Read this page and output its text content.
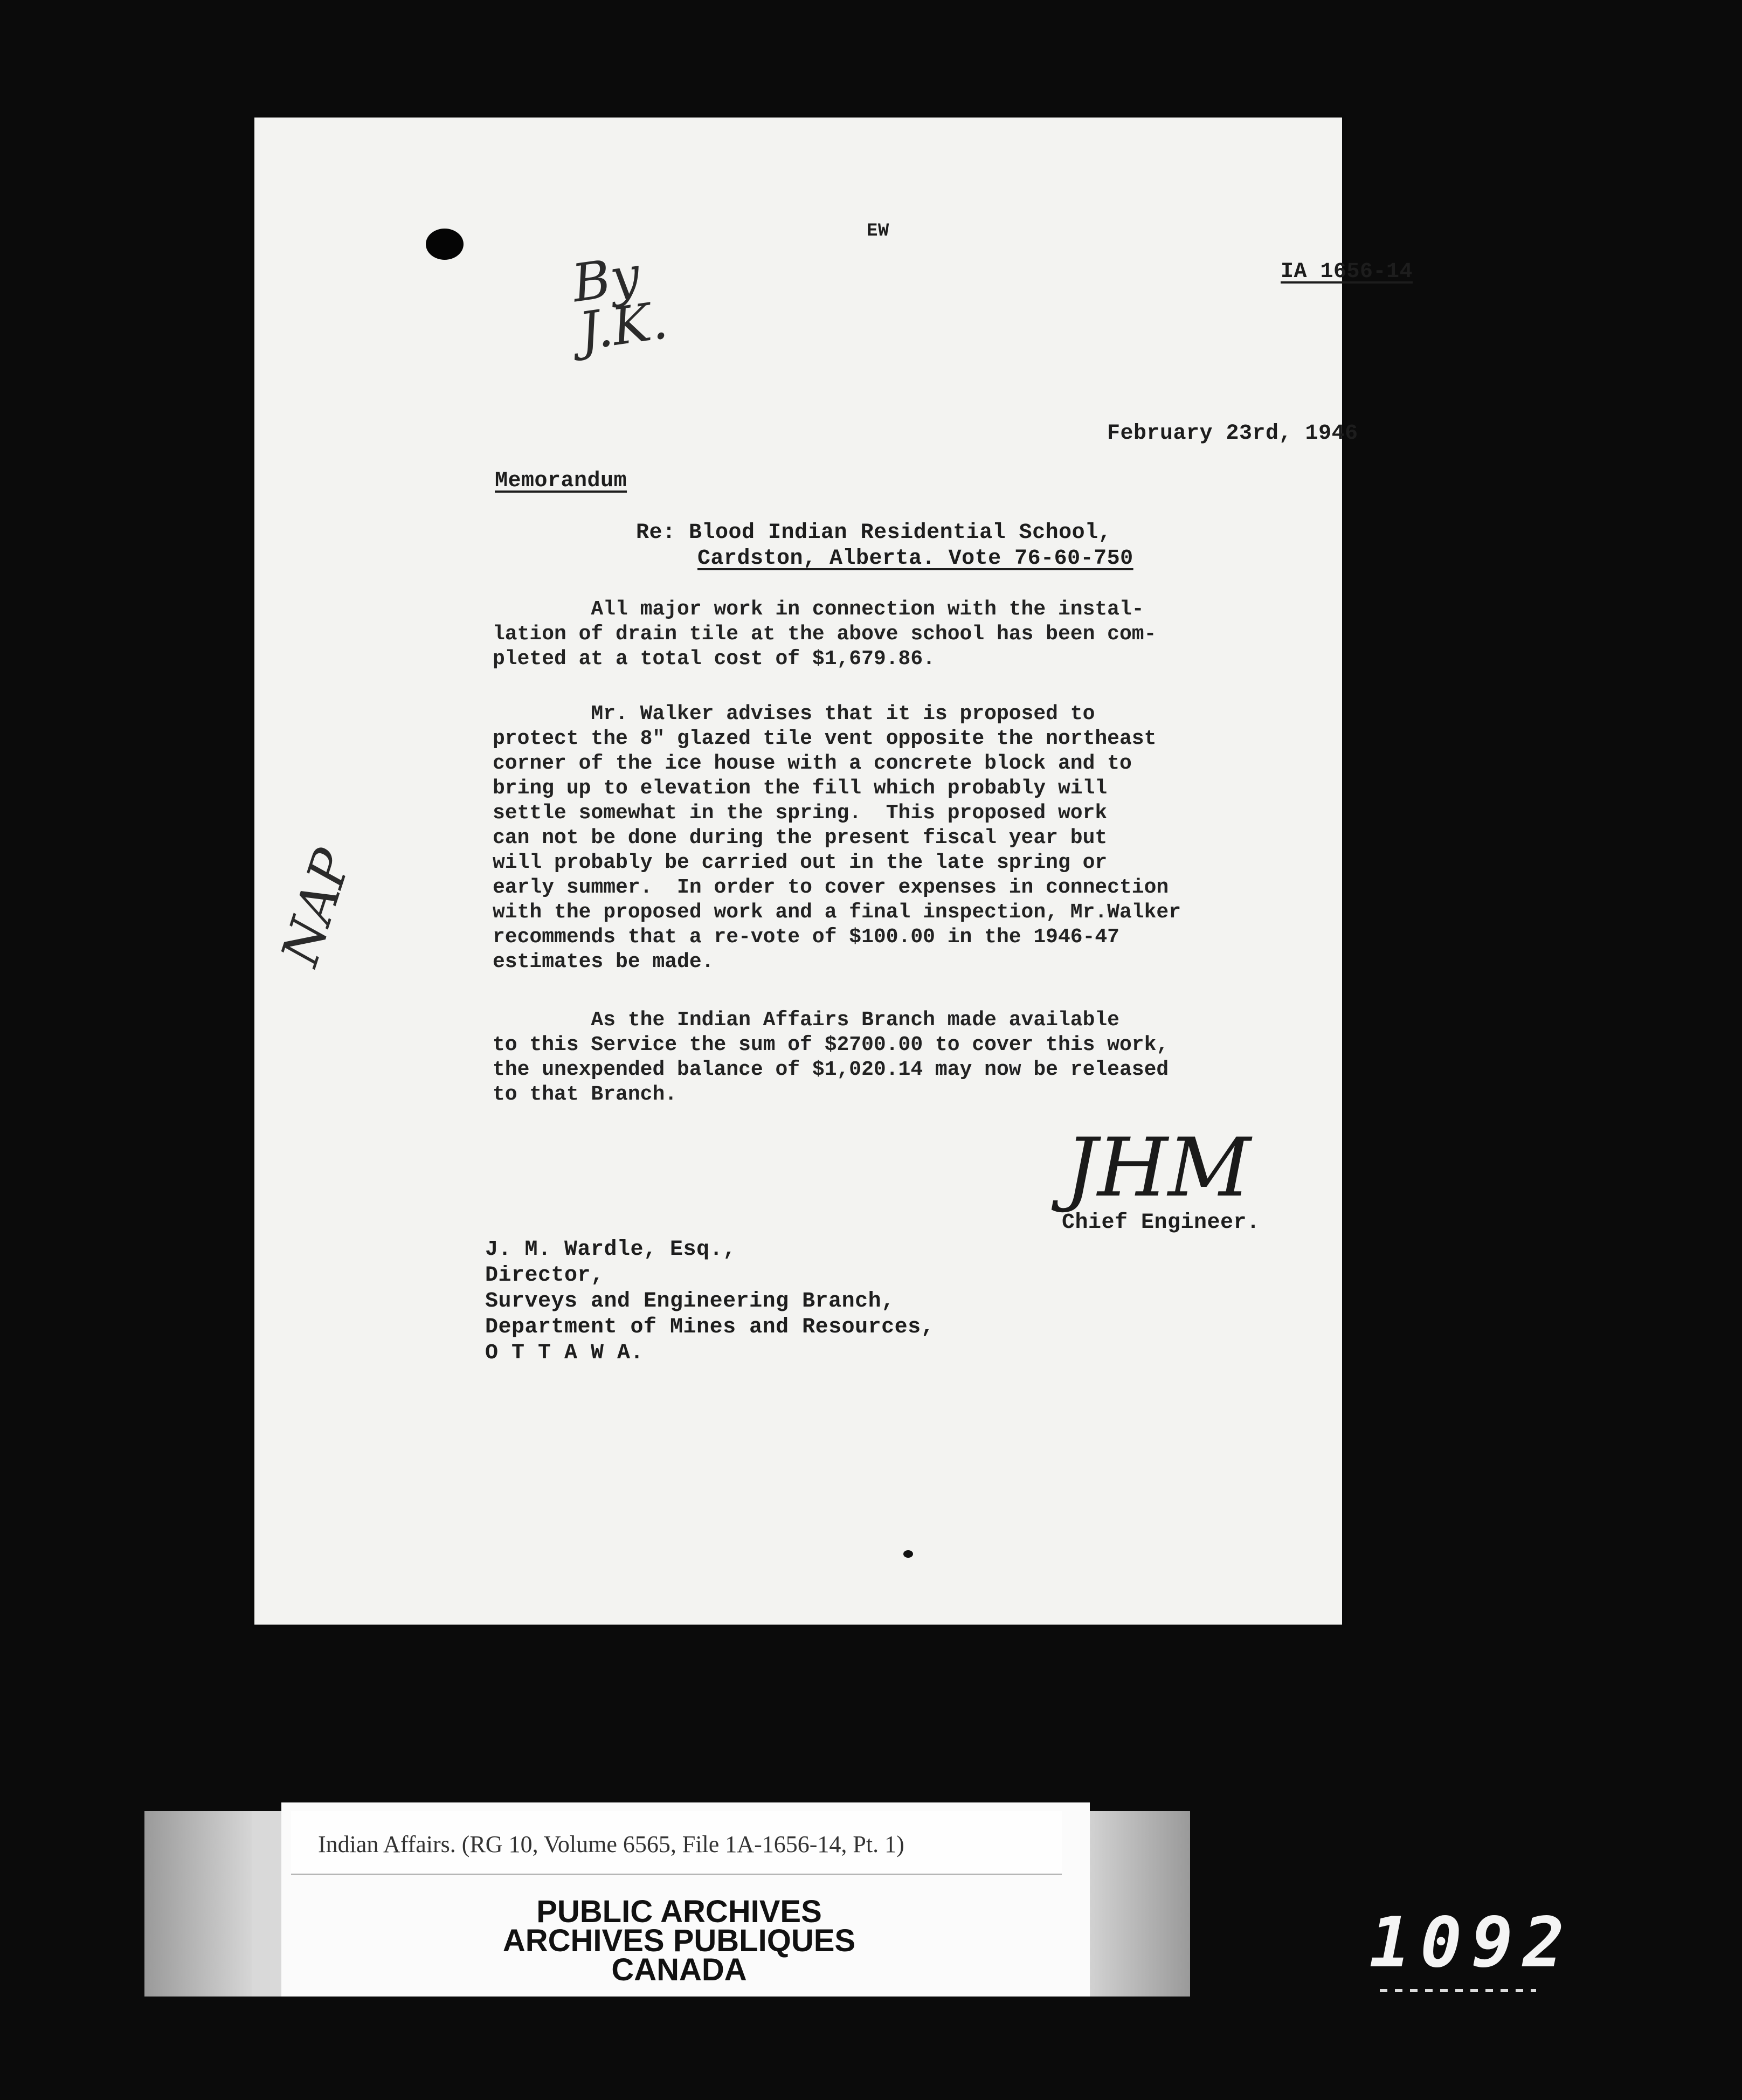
EW
IA 1656-14
By
J.K.
February 23rd, 1946
Memorandum
Re: Blood Indian Residential School,
Cardston, Alberta. Vote 76-60-750
All major work in connection with the instal-
lation of drain tile at the above school has been com-
pleted at a total cost of $1,679.86.
Mr. Walker advises that it is proposed to
protect the 8" glazed tile vent opposite the northeast
corner of the ice house with a concrete block and to
bring up to elevation the fill which probably will
settle somewhat in the spring.  This proposed work
can not be done during the present fiscal year but
will probably be carried out in the late spring or
early summer.  In order to cover expenses in connection
with the proposed work and a final inspection, Mr.Walker
recommends that a re-vote of $100.00 in the 1946-47
estimates be made.
As the Indian Affairs Branch made available
to this Service the sum of $2700.00 to cover this work,
the unexpended balance of $1,020.14 may now be released
to that Branch.
NAP
JHM
Chief Engineer.
J. M. Wardle, Esq.,
Director,
Surveys and Engineering Branch,
Department of Mines and Resources,
O T T A W A.
Indian Affairs. (RG 10, Volume 6565, File 1A-1656-14, Pt. 1)
PUBLIC ARCHIVES
ARCHIVES PUBLIQUES
CANADA	1092
